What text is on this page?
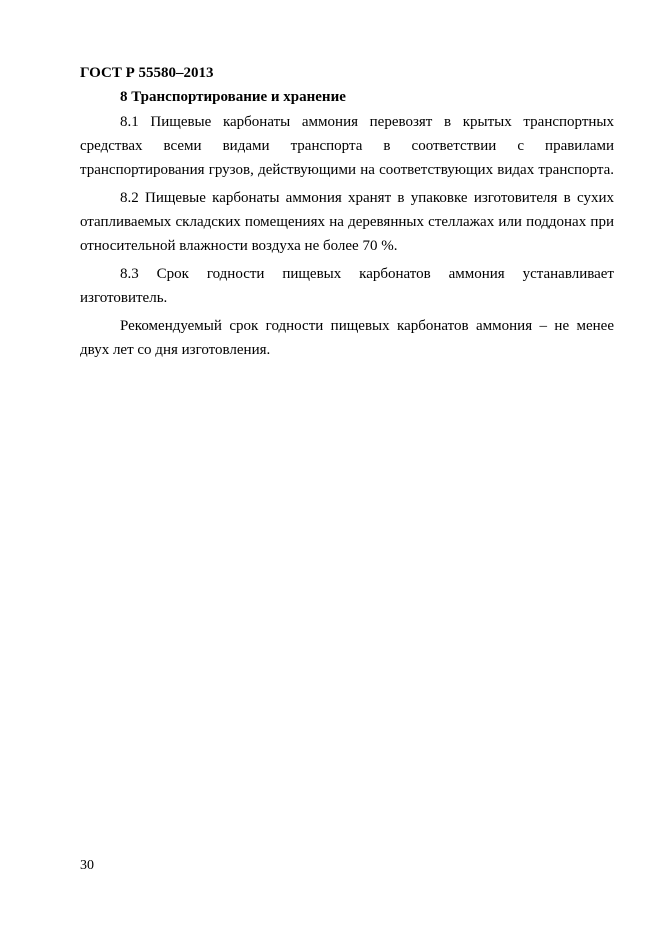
ГОСТ Р 55580–2013

8 Транспортирование и хранение

8.1 Пищевые карбонаты аммония перевозят в крытых транспортных средствах всеми видами транспорта в соответствии с правилами транспортирования грузов, действующими на соответствующих видах транспорта.

8.2 Пищевые карбонаты аммония хранят в упаковке изготовителя в сухих отапливаемых складских помещениях на деревянных стеллажах или поддонах при относительной влажности воздуха не более 70 %.

8.3 Срок годности пищевых карбонатов аммония устанавливает изготовитель.

Рекомендуемый срок годности пищевых карбонатов аммония – не менее двух лет со дня изготовления.

30
